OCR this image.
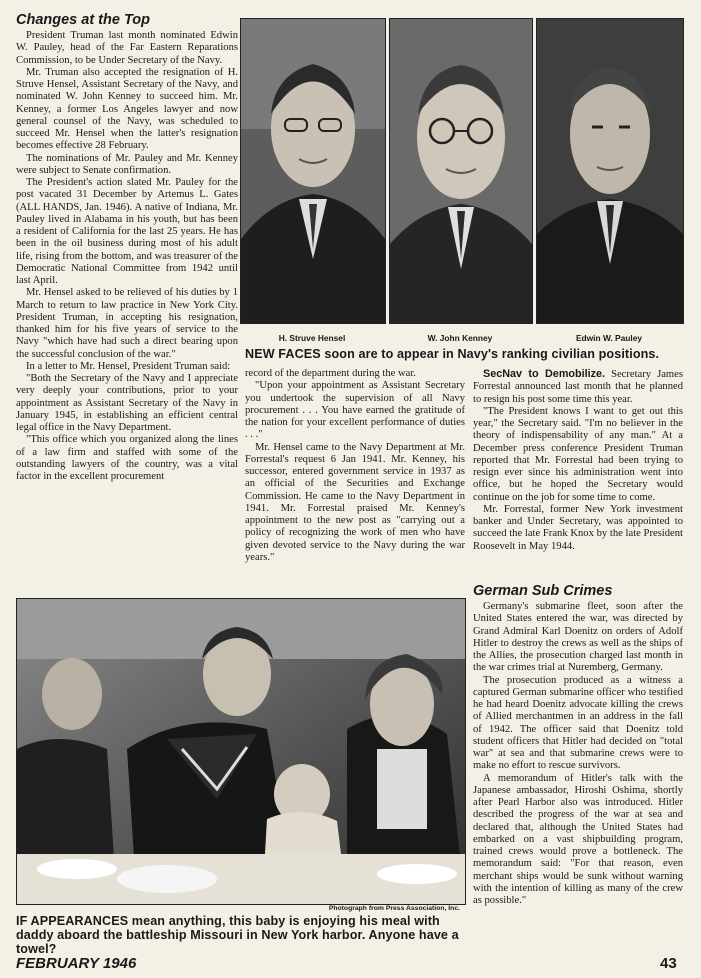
Changes at the Top

President Truman last month nominated Edwin W. Pauley, head of the Far Eastern Reparations Commission, to be Under Secretary of the Navy.

Mr. Truman also accepted the resignation of H. Struve Hensel, Assistant Secretary of the Navy, and nominated W. John Kenney to succeed him. Mr. Kenney, a former Los Angeles lawyer and now general counsel of the Navy, was scheduled to succeed Mr. Hensel when the latter's resignation becomes effective 28 February.

The nominations of Mr. Pauley and Mr. Kenney were subject to Senate confirmation.

The President's action slated Mr. Pauley for the post vacated 31 December by Artemus L. Gates (ALL HANDS, Jan. 1946). A native of Indiana, Mr. Pauley lived in Alabama in his youth, but has been a resident of California for the last 25 years. He has been in the oil business during most of his adult life, rising from the bottom, and was treasurer of the Democratic National Committee from 1942 until last April.

Mr. Hensel asked to be relieved of his duties by 1 March to return to law practice in New York City. President Truman, in accepting his resignation, thanked him for his five years of service to the Navy "which have had such a direct bearing upon the successful conclusion of the war."

In a letter to Mr. Hensel, President Truman said:

"Both the Secretary of the Navy and I appreciate very deeply your contributions, prior to your appointment as Assistant Secretary of the Navy in January 1945, in establishing an efficient central legal office in the Navy Department.

"This office which you organized along the lines of a law firm and staffed with some of the outstanding lawyers of the country, was a vital factor in the excellent procurement

H. Struve Hensel	W. John Kenney	Edwin W. Pauley
NEW FACES soon are to appear in Navy's ranking civilian positions.

record of the department during the war.

"Upon your appointment as Assistant Secretary you undertook the supervision of all Navy procurement . . . You have earned the gratitude of the nation for your excellent performance of duties . . ."

Mr. Hensel came to the Navy Department at Mr. Forrestal's request 6 Jan 1941. Mr. Kenney, his successor, entered government service in 1937 as an official of the Securities and Exchange Commission. He came to the Navy Department in 1941. Mr. Forrestal praised Mr. Kenney's appointment to the new post as "carrying out a policy of recognizing the work of men who have given devoted service to the Navy during the war years."

SecNav to Demobilize. Secretary James Forrestal announced last month that he planned to resign his post some time this year.

"The President knows I want to get out this year," the Secretary said. "I'm no believer in the theory of indispensability of any man." At a December press conference President Truman reported that Mr. Forrestal had been trying to resign ever since his administration went into office, but he hoped the Secretary would continue on the job for some time to come.

Mr. Forrestal, former New York investment banker and Under Secretary, was appointed to succeed the late Frank Knox by the late President Roosevelt in May 1944.

German Sub Crimes

Germany's submarine fleet, soon after the United States entered the war, was directed by Grand Admiral Karl Doenitz on orders of Adolf Hitler to destroy the crews as well as the ships of the Allies, the prosecution charged last month in the war crimes trial at Nuremberg, Germany.

The prosecution produced as a witness a captured German submarine officer who testified he had heard Doenitz advocate killing the crews of Allied merchantmen in an address in the fall of 1942. The officer said that Doenitz told student officers that Hitler had decided on "total war" at sea and that submarine crews were to make no effort to rescue survivors.

A memorandum of Hitler's talk with the Japanese ambassador, Hiroshi Oshima, shortly after Pearl Harbor also was introduced. Hitler described the progress of the war at sea and declared that, although the United States had embarked on a vast shipbuilding program, trained crews would prove a bottleneck. The memorandum said: "For that reason, even merchant ships would be sunk without warning with the intention of killing as many of the crew as possible."

Photograph from Press Association, Inc.
IF APPEARANCES mean anything, this baby is enjoying his meal with daddy aboard the battleship Missouri in New York harbor. Anyone have a towel?
FEBRUARY 1946	43
